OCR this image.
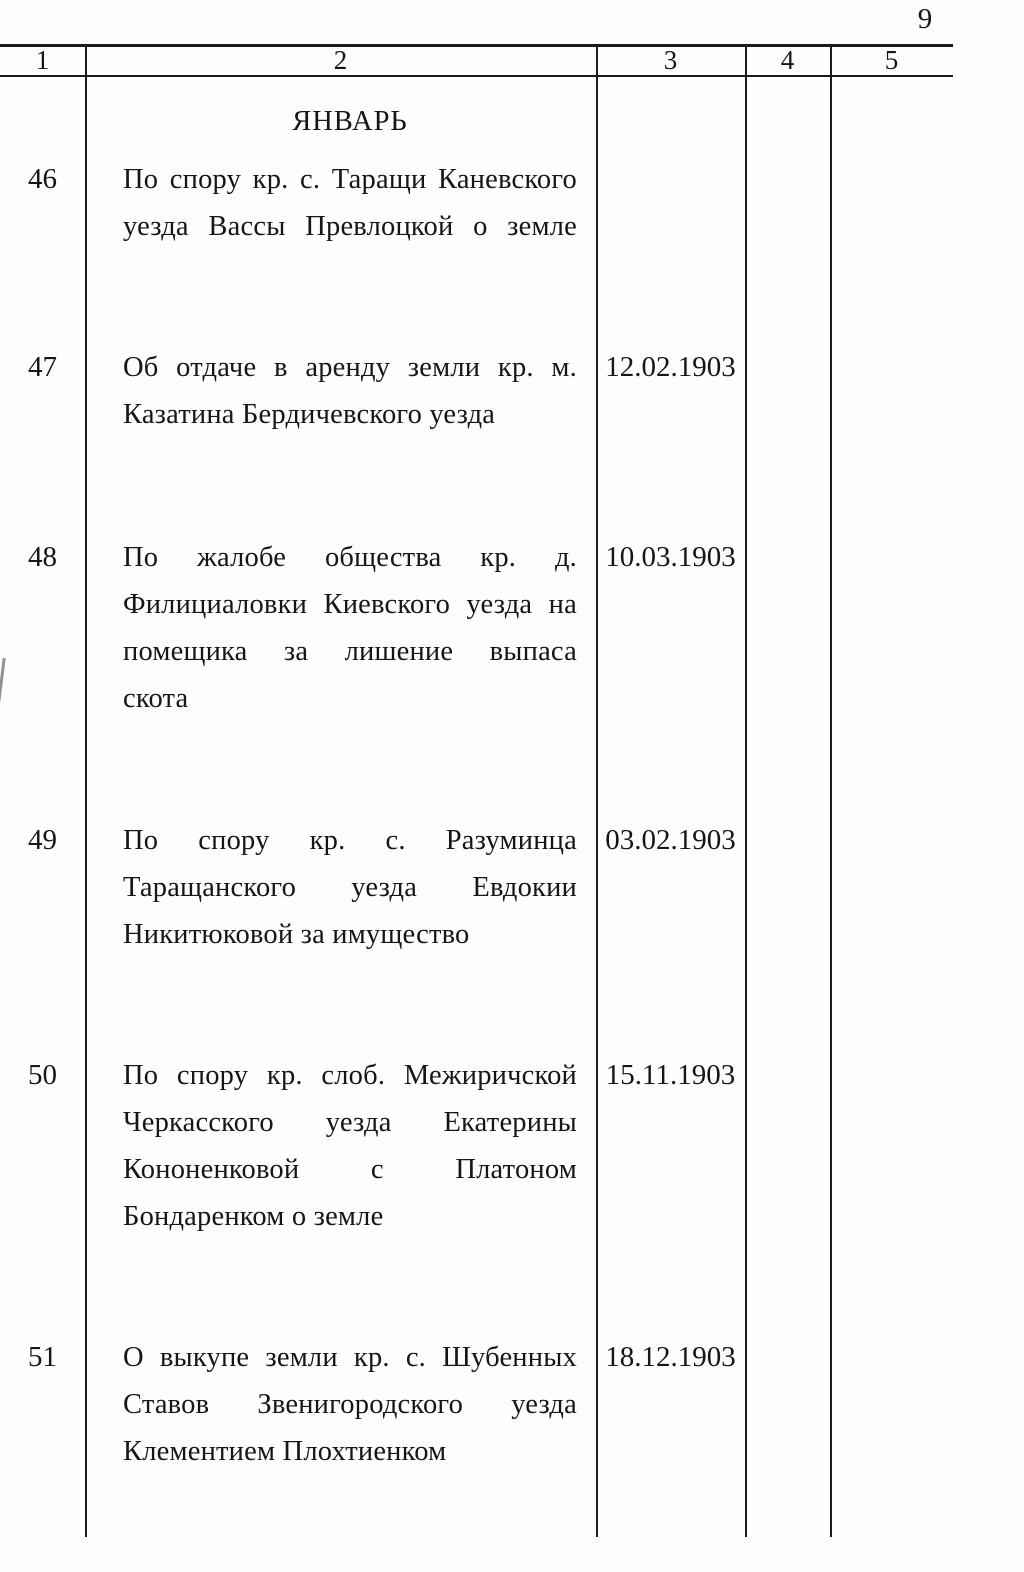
9
1	2	3	4	5
ЯНВАРЬ
46	По спору кр. с. Таращи Каневского
уезда Вассы Превлоцкой о земле
47	Об отдаче в аренду земли кр. м.
Казатина Бердичевского уезда
12.02.1903
48	По жалобе общества кр. д.
Филициаловки Киевского уезда на
помещика за лишение выпаса
скота
10.03.1903
49	По спору кр. с. Разуминца
Таращанского уезда Евдокии
Никитюковой за имущество
03.02.1903
50	По спору кр. слоб. Межиричской
Черкасского уезда Екатерины
Кононенковой с Платоном
Бондаренком о земле
15.11.1903
51	О выкупе земли кр. с. Шубенных
Ставов Звенигородского уезда
Клементием Плохтиенком
18.12.1903
